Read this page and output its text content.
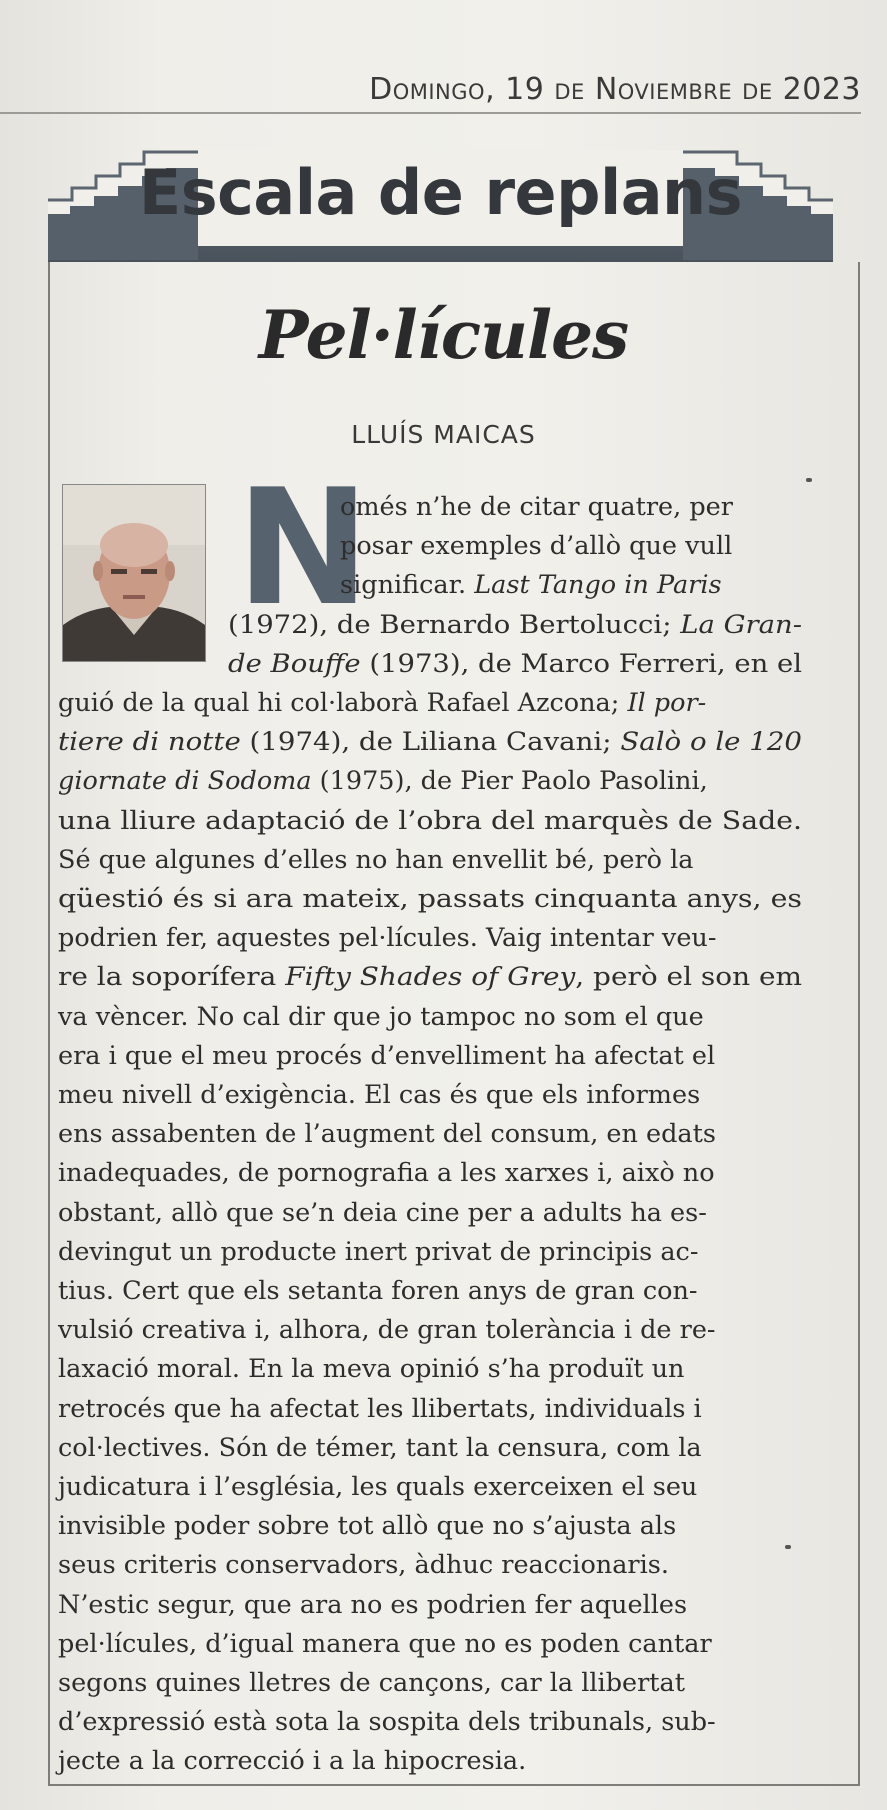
Domingo, 19 de Noviembre de 2023
Escala de replans
Pel·lícules
LLUÍS MAICAS
N
omés n’he de citar quatre, per
posar exemples d’allò que vull
significar. Last Tango in Paris
(1972), de Bernardo Bertolucci; La Gran-
de Bouffe (1973), de Marco Ferreri, en el
guió de la qual hi col·laborà Rafael Azcona; Il por-
tiere di notte (1974), de Liliana Cavani; Salò o le 120
giornate di Sodoma (1975), de Pier Paolo Pasolini,
una lliure adaptació de l’obra del marquès de Sade.
Sé que algunes d’elles no han envellit bé, però la
qüestió és si ara mateix, passats cinquanta anys, es
podrien fer, aquestes pel·lícules. Vaig intentar veu-
re la soporífera Fifty Shades of Grey, però el son em
va vèncer. No cal dir que jo tampoc no som el que
era i que el meu procés d’envelliment ha afectat el
meu nivell d’exigència. El cas és que els informes
ens assabenten de l’augment del consum, en edats
inadequades, de pornografia a les xarxes i, això no
obstant, allò que se’n deia cine per a adults ha es-
devingut un producte inert privat de principis ac-
tius. Cert que els setanta foren anys de gran con-
vulsió creativa i, alhora, de gran tolerància i de re-
laxació moral. En la meva opinió s’ha produït un
retrocés que ha afectat les llibertats, individuals i
col·lectives. Són de témer, tant la censura, com la
judicatura i l’església, les quals exerceixen el seu
invisible poder sobre tot allò que no s’ajusta als
seus criteris conservadors, àdhuc reaccionaris.
N’estic segur, que ara no es podrien fer aquelles
pel·lícules, d’igual manera que no es poden cantar
segons quines lletres de cançons, car la llibertat
d’expressió està sota la sospita dels tribunals, sub-
jecte a la correcció i a la hipocresia.
